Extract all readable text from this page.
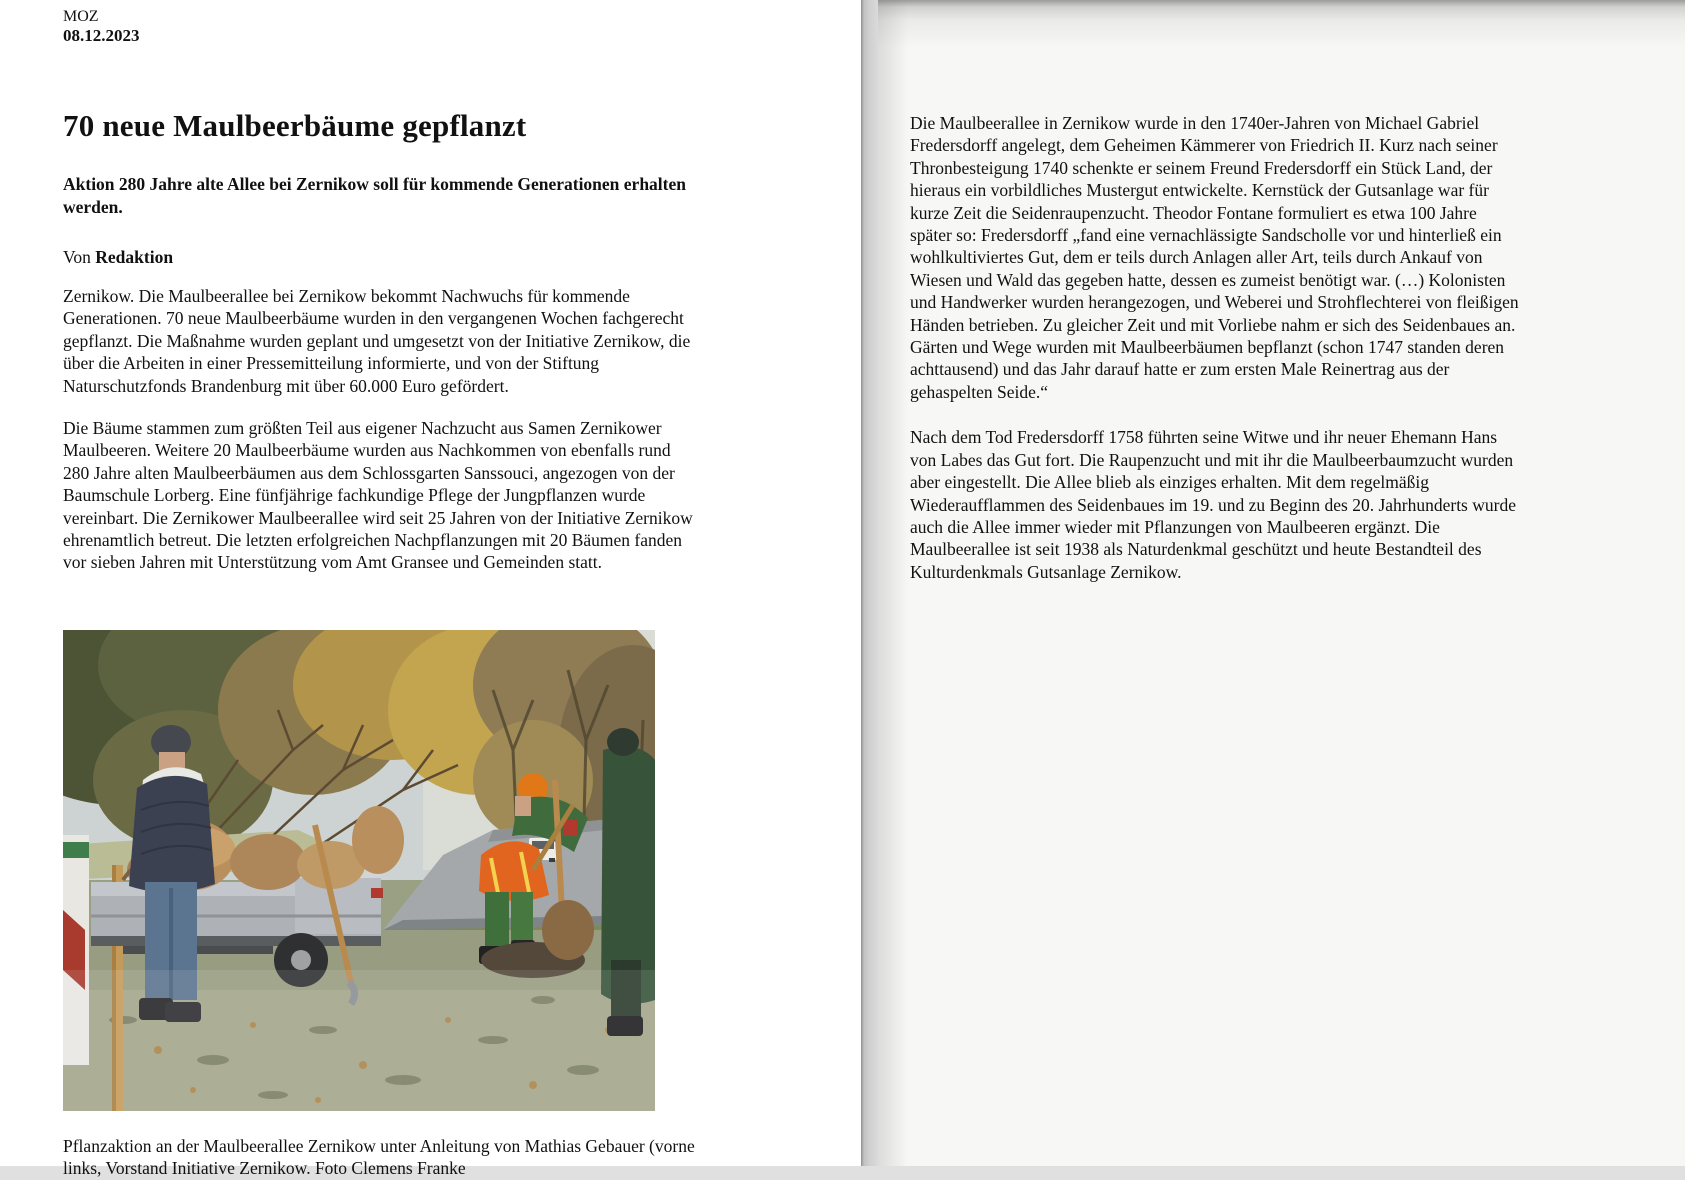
MOZ
08.12.2023
70 neue Maulbeerbäume gepflanzt
Aktion 280 Jahre alte Allee bei Zernikow soll für kommende Generationen erhalten werden.

Von Redaktion

Zernikow. Die Maulbeerallee bei Zernikow bekommt Nachwuchs für kommende Generationen. 70 neue Maulbeerbäume wurden in den vergangenen Wochen fachgerecht gepflanzt. Die Maßnahme wurden geplant und umgesetzt von der Initiative Zernikow, die über die Arbeiten in einer Pressemitteilung informierte, und von der Stiftung Naturschutzfonds Brandenburg mit über 60.000 Euro gefördert.

Die Bäume stammen zum größten Teil aus eigener Nachzucht aus Samen Zernikower Maulbeeren. Weitere 20 Maulbeerbäume wurden aus Nachkommen von ebenfalls rund 280 Jahre alten Maulbeerbäumen aus dem Schlossgarten Sanssouci, angezogen von der Baumschule Lorberg. Eine fünfjährige fachkundige Pflege der Jungpflanzen wurde vereinbart. Die Zernikower Maulbeerallee wird seit 25 Jahren von der Initiative Zernikow ehrenamtlich betreut. Die letzten erfolgreichen Nachpflanzungen mit 20 Bäumen fanden vor sieben Jahren mit Unterstützung vom Amt Gransee und Gemeinden statt.

Pflanzaktion an der Maulbeerallee Zernikow unter Anleitung von Mathias Gebauer (vorne links, Vorstand Initiative Zernikow. Foto Clemens Franke

Die Maulbeerallee in Zernikow wurde in den 1740er-Jahren von Michael Gabriel Fredersdorff angelegt, dem Geheimen Kämmerer von Friedrich II. Kurz nach seiner Thronbesteigung 1740 schenkte er seinem Freund Fredersdorff ein Stück Land, der hieraus ein vorbildliches Mustergut entwickelte. Kernstück der Gutsanlage war für kurze Zeit die Seidenraupenzucht. Theodor Fontane formuliert es etwa 100 Jahre später so: Fredersdorff „fand eine vernachlässigte Sandscholle vor und hinterließ ein wohlkultiviertes Gut, dem er teils durch Anlagen aller Art, teils durch Ankauf von Wiesen und Wald das gegeben hatte, dessen es zumeist benötigt war. (…) Kolonisten und Handwerker wurden herangezogen, und Weberei und Strohflechterei von fleißigen Händen betrieben. Zu gleicher Zeit und mit Vorliebe nahm er sich des Seidenbaues an. Gärten und Wege wurden mit Maulbeerbäumen bepflanzt (schon 1747 standen deren achttausend) und das Jahr darauf hatte er zum ersten Male Reinertrag aus der gehaspelten Seide.“

Nach dem Tod Fredersdorff 1758 führten seine Witwe und ihr neuer Ehemann Hans von Labes das Gut fort. Die Raupenzucht und mit ihr die Maulbeerbaumzucht wurden aber eingestellt. Die Allee blieb als einziges erhalten. Mit dem regelmäßig Wiederaufflammen des Seidenbaues im 19. und zu Beginn des 20. Jahrhunderts wurde auch die Allee immer wieder mit Pflanzungen von Maulbeeren ergänzt. Die Maulbeerallee ist seit 1938 als Naturdenkmal geschützt und heute Bestandteil des Kulturdenkmals Gutsanlage Zernikow.
